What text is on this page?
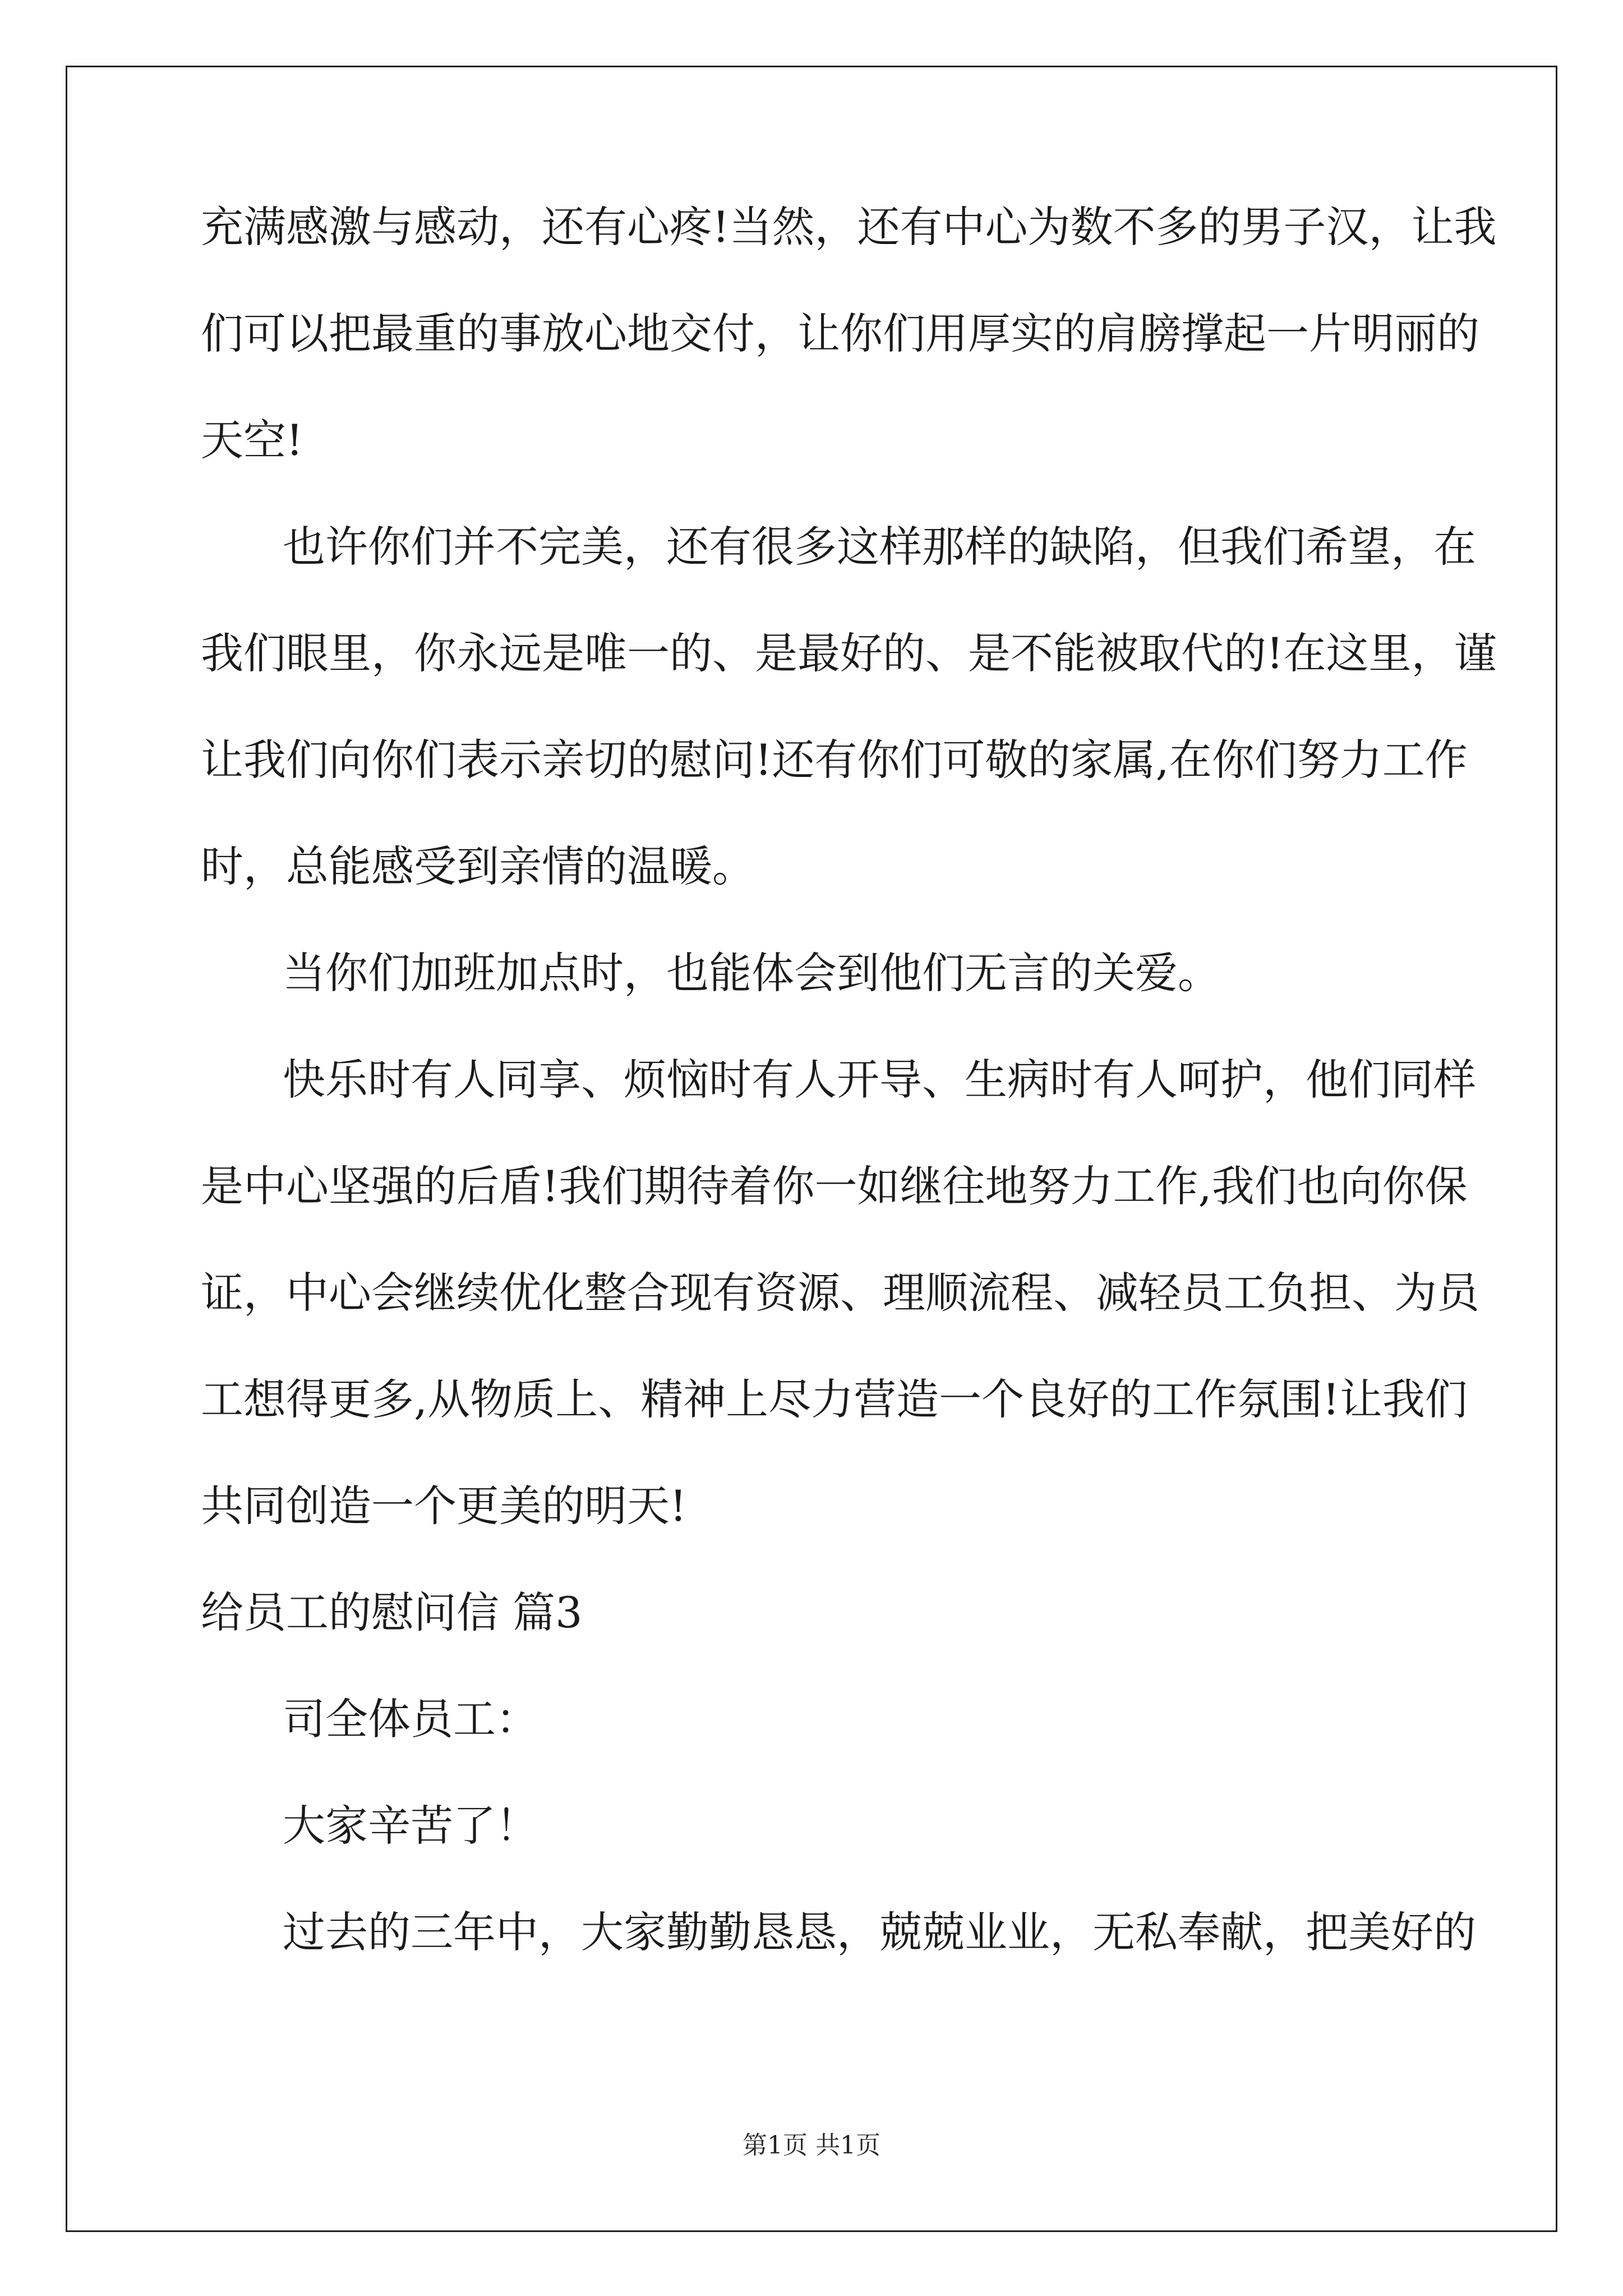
充满感激与感动，还有心疼!当然，还有中心为数不多的男子汉，让我
们可以把最重的事放心地交付，让你们用厚实的肩膀撑起一片明丽的
天空!
也许你们并不完美，还有很多这样那样的缺陷，但我们希望，在
我们眼里，你永远是唯一的、是最好的、是不能被取代的!在这里，谨
让我们向你们表示亲切的慰问!还有你们可敬的家属,在你们努力工作
时，总能感受到亲情的温暖。
当你们加班加点时，也能体会到他们无言的关爱。
快乐时有人同享、烦恼时有人开导、生病时有人呵护，他们同样
是中心坚强的后盾!我们期待着你一如继往地努力工作,我们也向你保
证，中心会继续优化整合现有资源、理顺流程、减轻员工负担、为员
工想得更多,从物质上、精神上尽力营造一个良好的工作氛围!让我们
共同创造一个更美的明天!
给员工的慰问信 篇3
司全体员工：
大家辛苦了！
过去的三年中，大家勤勤恳恳，兢兢业业，无私奉献，把美好的
第1页 共1页
